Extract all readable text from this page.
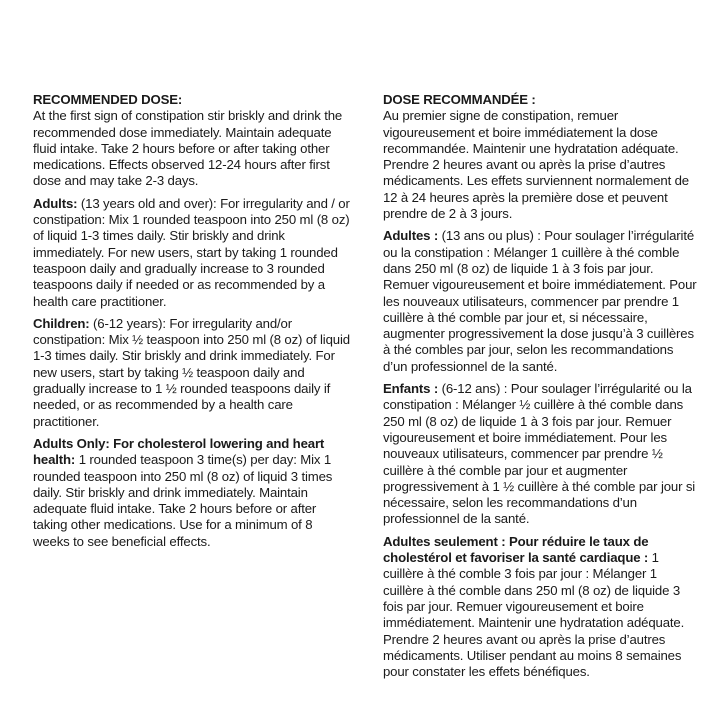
RECOMMENDED DOSE:

At the first sign of constipation stir briskly and drink the recommended dose immediately. Maintain adequate fluid intake. Take 2 hours before or after taking other medications. Effects observed 12-24 hours after first dose and may take 2-3 days.

Adults: (13 years old and over): For irregularity and / or constipation: Mix 1 rounded teaspoon into 250 ml (8 oz) of liquid 1-3 times daily. Stir briskly and drink immediately. For new users, start by taking 1 rounded teaspoon daily and gradually increase to 3 rounded teaspoons daily if needed or as recommended by a health care practitioner.

Children: (6-12 years): For irregularity and/or constipation: Mix ½ teaspoon into 250 ml (8 oz) of liquid 1-3 times daily. Stir briskly and drink immediately. For new users, start by taking ½ teaspoon daily and gradually increase to 1 ½ rounded teaspoons daily if needed, or as recommended by a health care practitioner.

Adults Only: For cholesterol lowering and heart health: 1 rounded teaspoon 3 time(s) per day: Mix 1 rounded teaspoon into 250 ml (8 oz) of liquid 3 times daily. Stir briskly and drink immediately. Maintain adequate fluid intake. Take 2 hours before or after taking other medications. Use for a minimum of 8 weeks to see beneficial effects.

DOSE RECOMMANDÉE :

Au premier signe de constipation, remuer vigoureusement et boire immédiatement la dose recommandée. Maintenir une hydratation adéquate. Prendre 2 heures avant ou après la prise d’autres médicaments. Les effets surviennent normalement de 12 à 24 heures après la première dose et peuvent prendre de 2 à 3 jours.

Adultes : (13 ans ou plus) : Pour soulager l’irrégularité ou la constipation : Mélanger 1 cuillère à thé comble dans 250 ml (8 oz) de liquide 1 à 3 fois par jour. Remuer vigoureusement et boire immédiatement. Pour les nouveaux utilisateurs, commencer par prendre 1 cuillère à thé comble par jour et, si nécessaire, augmenter progressivement la dose jusqu’à 3 cuillères à thé combles par jour, selon les recommandations d’un professionnel de la santé.

Enfants : (6-12 ans) : Pour soulager l’irrégularité ou la constipation : Mélanger ½ cuillère à thé comble dans 250 ml (8 oz) de liquide 1 à 3 fois par jour. Remuer vigoureusement et boire immédiatement. Pour les nouveaux utilisateurs, commencer par prendre ½ cuillère à thé comble par jour et augmenter progressivement à 1 ½ cuillère à thé comble par jour si nécessaire, selon les recommandations d’un professionnel de la santé.

Adultes seulement : Pour réduire le taux de cholestérol et favoriser la santé cardiaque : 1 cuillère à thé comble 3 fois par jour : Mélanger 1 cuillère à thé comble dans 250 ml (8 oz) de liquide 3 fois par jour. Remuer vigoureusement et boire immédiatement. Maintenir une hydratation adéquate. Prendre 2 heures avant ou après la prise d’autres médicaments. Utiliser pendant au moins 8 semaines pour constater les effets bénéfiques.
